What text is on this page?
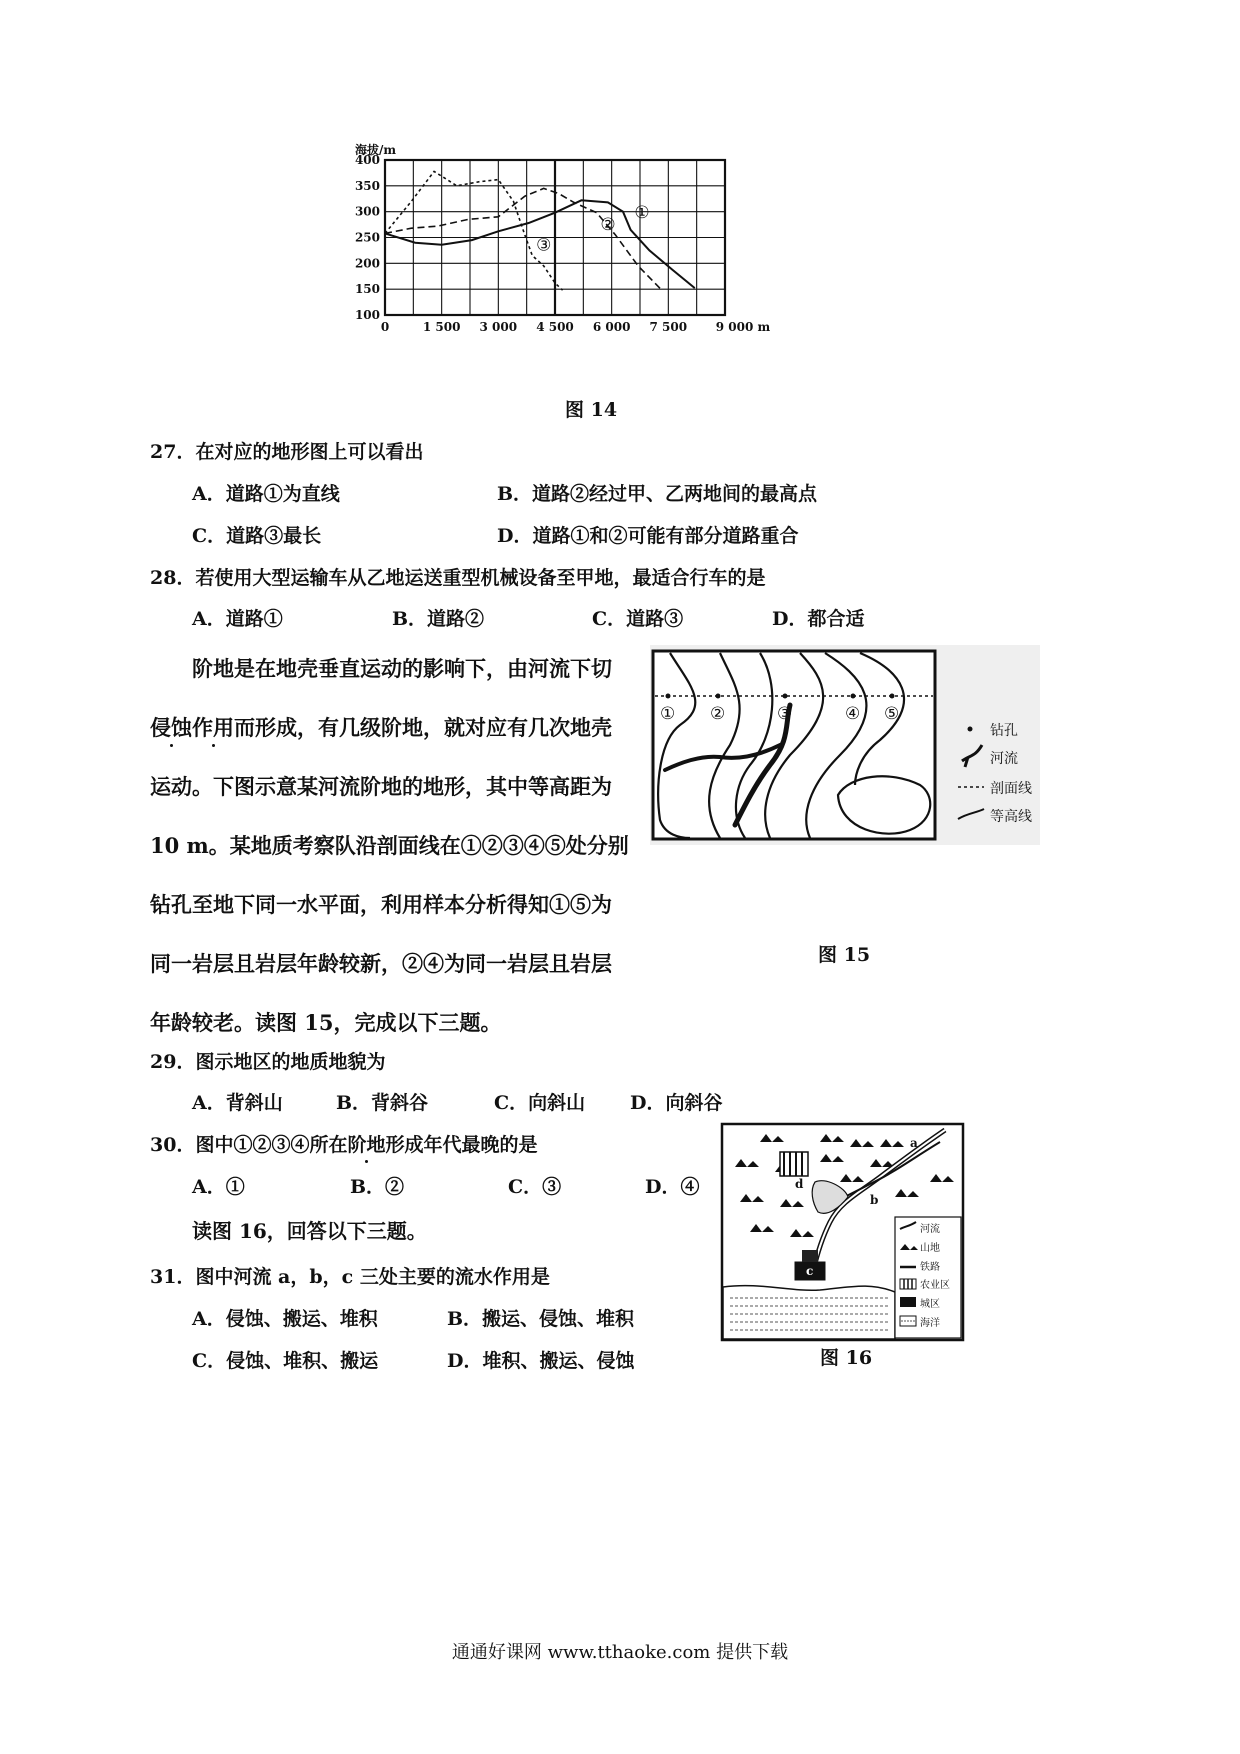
400
350
300
250
200
150
100
0	1 500 3 000 4 500 6 000 7 500 9 000 m
海拔/m
①
②
③
图 14
27．在对应的地形图上可以看出
A．道路①为直线	B．道路②经过甲、乙两地间的最高点
C．道路③最长	D．道路①和②可能有部分道路重合
28．若使用大型运输车从乙地运送重型机械设备至甲地，最适合行车的是
A．道路①	B．道路②	C．道路③	D．都合适
阶地是在地壳垂直运动的影响下，由河流下切
侵蚀作用而形成，有几级阶地，就对应有几次地壳
运动。下图示意某河流阶地的地形，其中等高距为
10 m。某地质考察队沿剖面线在①②③④⑤处分别
钻孔至地下同一水平面，利用样本分析得知①⑤为
同一岩层且岩层年龄较新，②④为同一岩层且岩层
年龄较老。读图 15，完成以下三题。
① ②	③	④ ⑤
钻孔
河流
剖面线
等高线
图 15
29．图示地区的地质地貌为
A．背斜山	B．背斜谷	C．向斜山 D．向斜谷
30．图中①②③④所在阶地形成年代最晚的是
A．①	B．②	C．③	D．④
读图 16，回答以下三题。
31．图中河流 a，b，c 三处主要的流水作用是
A．侵蚀、搬运、堆积	B．搬运、侵蚀、堆积
C．侵蚀、堆积、搬运	D．堆积、搬运、侵蚀
a
b
c
d
河流
山地
铁路
农业区
城区
海洋
图 16
通通好课网 www.tthaoke.com 提供下载
